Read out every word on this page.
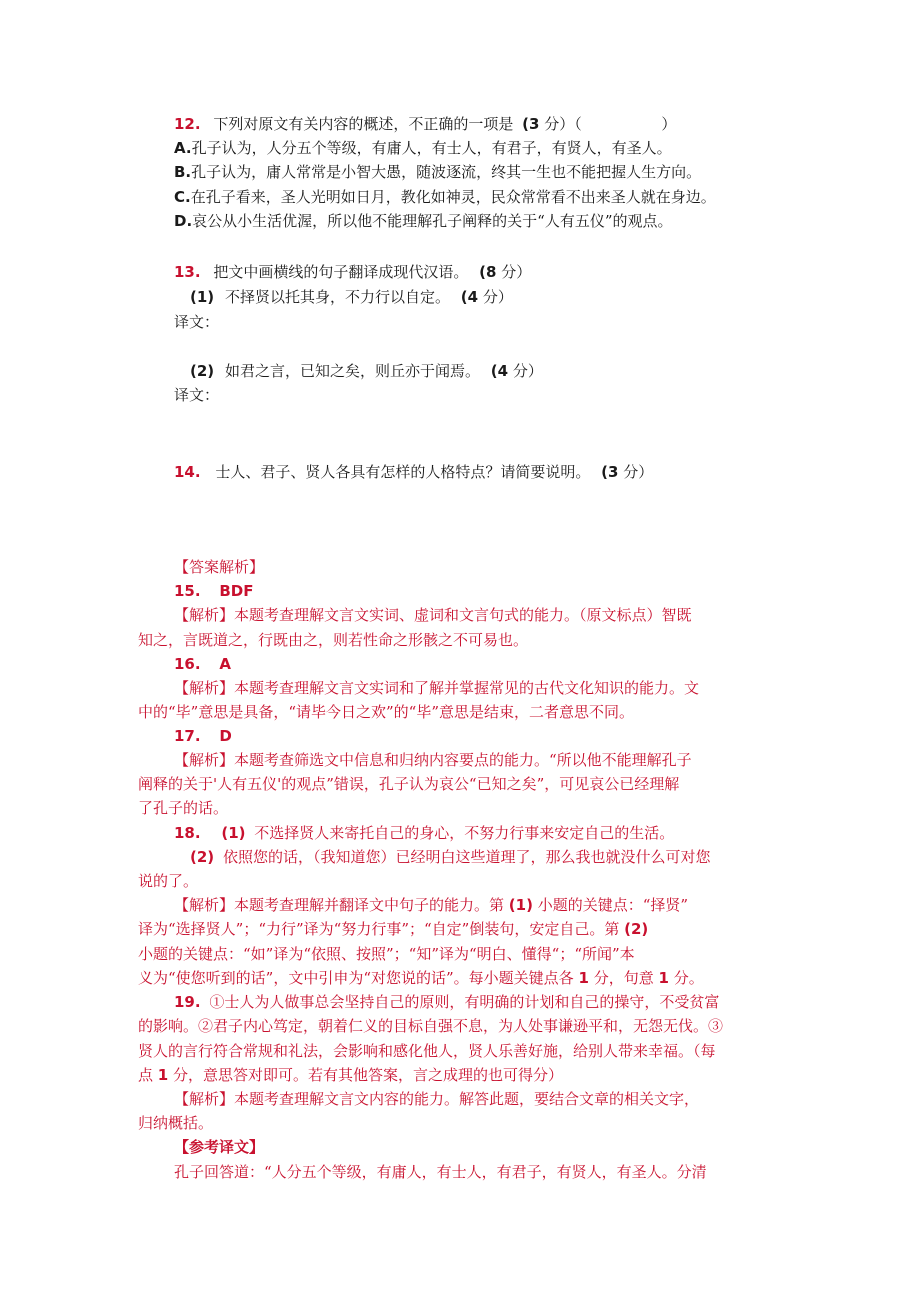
12. 下列对原文有关内容的概述，不正确的一项是 (3 分）（	）
A.孔子认为，人分五个等级，有庸人，有士人，有君子，有贤人，有圣人。
B.孔子认为，庸人常常是小智大愚，随波逐流，终其一生也不能把握人生方向。
C.在孔子看来，圣人光明如日月，教化如神灵，民众常常看不出来圣人就在身边。
D.哀公从小生活优渥，所以他不能理解孔子阐释的关于“人有五仪”的观点。
13. 把文中画横线的句子翻译成现代汉语。 (8 分）
(1) 不择贤以托其身，不力行以自定。 (4 分）
译文：
(2) 如君之言，已知之矣，则丘亦于闻焉。 (4 分）
译文：
14. 士人、君子、贤人各具有怎样的人格特点？请简要说明。 (3 分）
【答案解析】
15. BDF
【解析】本题考查理解文言文实词、虚词和文言句式的能力。（原文标点）智既
知之，言既道之，行既由之，则若性命之形骸之不可易也。
16. A
【解析】本题考查理解文言文实词和了解并掌握常见的古代文化知识的能力。文
中的“毕”意思是具备，“请毕今日之欢”的“毕”意思是结束，二者意思不同。
17. D
【解析】本题考查筛选文中信息和归纳内容要点的能力。“所以他不能理解孔子
阐释的关于'人有五仪'的观点”错误，孔子认为哀公“已知之矣”，可见哀公已经理解
了孔子的话。
18. (1) 不选择贤人来寄托自己的身心，不努力行事来安定自己的生活。
(2) 依照您的话，（我知道您）已经明白这些道理了，那么我也就没什么可对您
说的了。
【解析】本题考查理解并翻译文中句子的能力。第 (1) 小题的关键点：“择贤”
译为“选择贤人”；“力行”译为“努力行事”；“自定”倒装句，安定自己。第 (2)
小题的关键点：“如”译为“依照、按照”；“知”译为“明白、懂得“；“所闻”本
义为“使您听到的话”，文中引申为“对您说的话”。每小题关键点各 1 分，句意 1 分。
19. ①士人为人做事总会坚持自己的原则，有明确的计划和自己的操守，不受贫富
的影响。②君子内心笃定，朝着仁义的目标自强不息，为人处事谦逊平和，无怨无伐。③
贤人的言行符合常规和礼法，会影响和感化他人，贤人乐善好施，给别人带来幸福。（每
点 1 分，意思答对即可。若有其他答案，言之成理的也可得分）
【解析】本题考查理解文言文内容的能力。解答此题，要结合文章的相关文字，
归纳概括。
【参考译文】
孔子回答道：“人分五个等级，有庸人，有士人，有君子，有贤人，有圣人。分清
